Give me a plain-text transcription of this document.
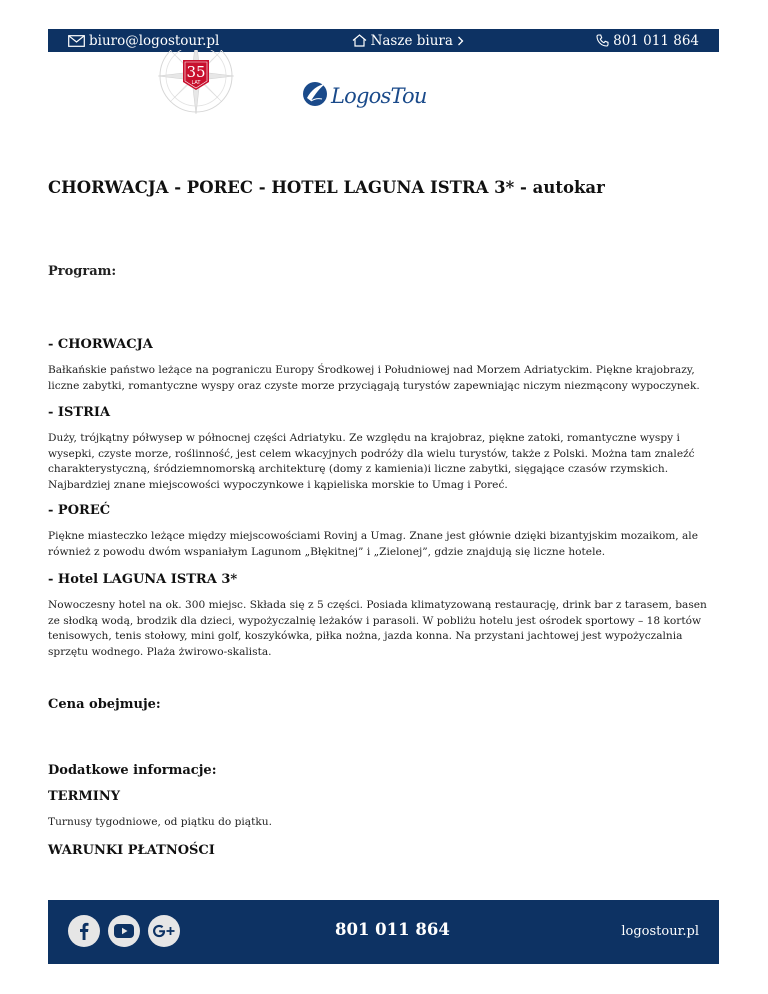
biuro@logostour.pl	Nasze biura	801 011 864
35
LAT
LogosTour
CHORWACJA - POREC - HOTEL LAGUNA ISTRA 3* - autokar
Program:
- CHORWACJA

Bałkańskie państwo leżące na pograniczu Europy Środkowej i Południowej nad Morzem Adriatyckim. Piękne krajobrazy, liczne zabytki, romantyczne wyspy oraz czyste morze przyciągają turystów zapewniając niczym niezmącony wypoczynek.

- ISTRIA

Duży, trójkątny półwysep w północnej części Adriatyku. Ze względu na krajobraz, piękne zatoki, romantyczne wyspy i wysepki, czyste morze, roślinność, jest celem wkacyjnych podróży dla wielu turystów, także z Polski. Można tam znaleźć charakterystyczną, śródziemnomorską architekturę (domy z kamienia)i liczne zabytki, sięgające czasów rzymskich. Najbardziej znane miejscowości wypoczynkowe i kąpieliska morskie to Umag i Poreć.

- POREĆ

Piękne miasteczko leżące między miejscowościami Rovinj a Umag. Znane jest głównie dzięki bizantyjskim mozaikom, ale również z powodu dwóm wspaniałym Lagunom „Błękitnej” i „Zielonej”, gdzie znajdują się liczne hotele.

- Hotel LAGUNA ISTRA 3*

Nowoczesny hotel na ok. 300 miejsc. Składa się z 5 części. Posiada klimatyzowaną restaurację, drink bar z tarasem, basen ze słodką wodą, brodzik dla dzieci, wypożyczalnię leżaków i parasoli. W pobliżu hotelu jest ośrodek sportowy – 18 kortów tenisowych, tenis stołowy, mini golf, koszykówka, piłka nożna, jazda konna. Na przystani jachtowej jest wypożyczalnia sprzętu wodnego. Plaża żwirowo-skalista.

Cena obejmuje:
Dodatkowe informacje:
TERMINY

Turnusy tygodniowe, od piątku do piątku.

WARUNKI PŁATNOŚCI
801 011 864	logostour.pl
